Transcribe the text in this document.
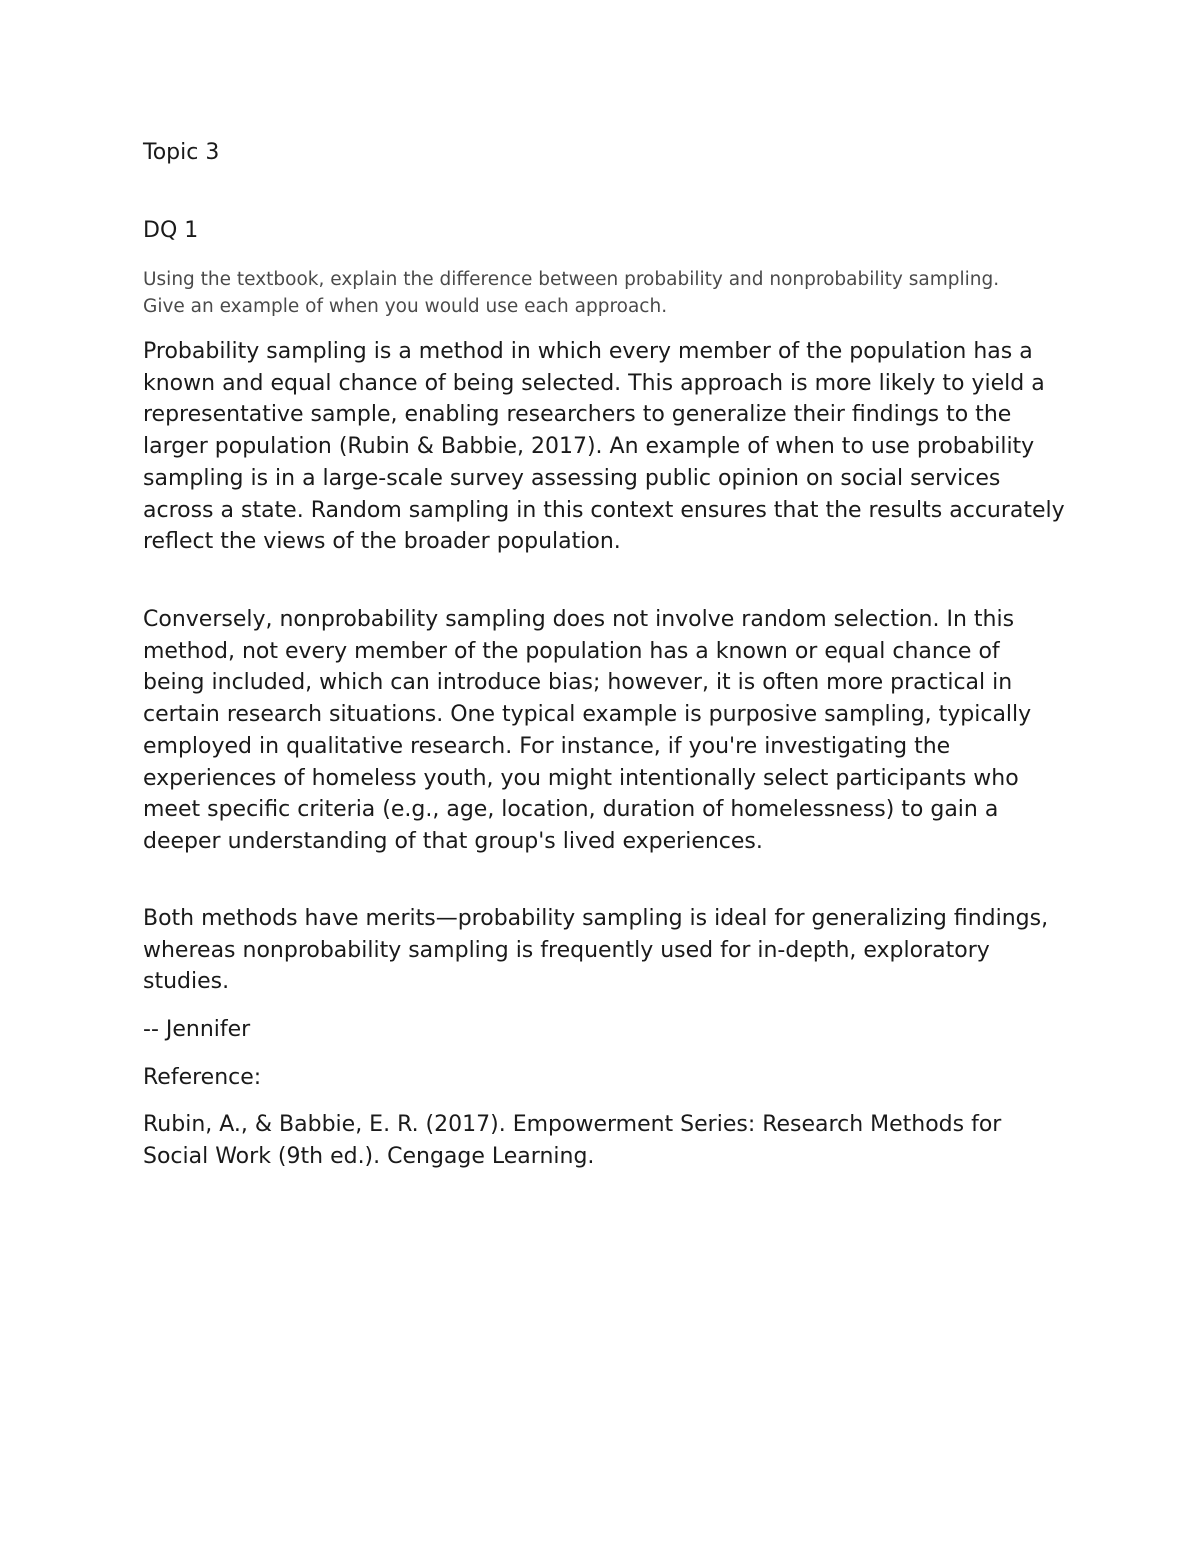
Topic 3
DQ 1

Using the textbook, explain the difference between probability and nonprobability sampling. Give an example of when you would use each approach.

Probability sampling is a method in which every member of the population has a known and equal chance of being selected. This approach is more likely to yield a representative sample, enabling researchers to generalize their findings to the larger population (Rubin & Babbie, 2017). An example of when to use probability sampling is in a large-scale survey assessing public opinion on social services across a state. Random sampling in this context ensures that the results accurately reflect the views of the broader population.

Conversely, nonprobability sampling does not involve random selection. In this method, not every member of the population has a known or equal chance of being included, which can introduce bias; however, it is often more practical in certain research situations. One typical example is purposive sampling, typically employed in qualitative research. For instance, if you're investigating the experiences of homeless youth, you might intentionally select participants who meet specific criteria (e.g., age, location, duration of homelessness) to gain a deeper understanding of that group's lived experiences.

Both methods have merits—probability sampling is ideal for generalizing findings, whereas nonprobability sampling is frequently used for in-depth, exploratory studies.

-- Jennifer

Reference:

Rubin, A., & Babbie, E. R. (2017). Empowerment Series: Research Methods for Social Work (9th ed.). Cengage Learning.
